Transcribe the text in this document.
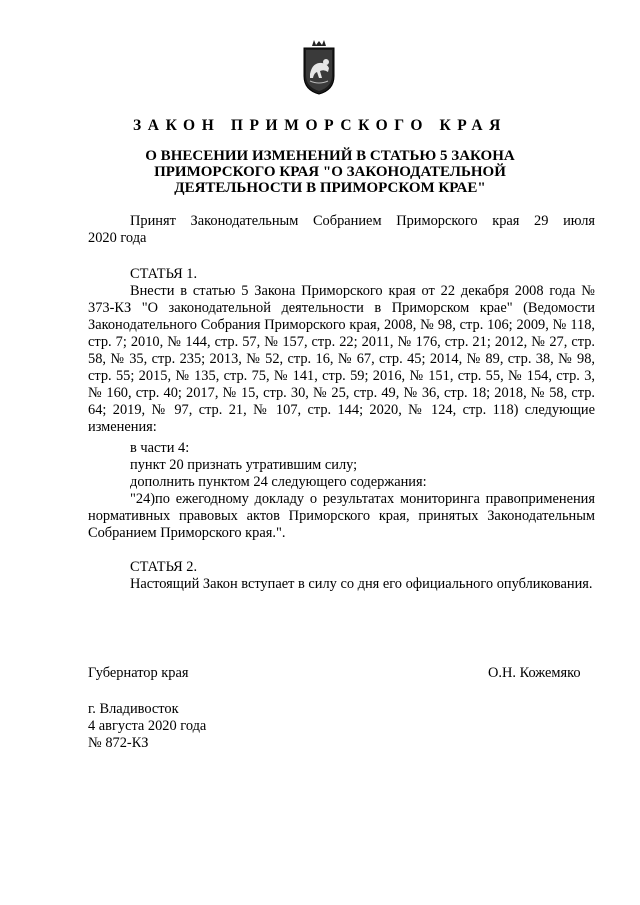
ЗАКОН ПРИМОРСКОГО КРАЯ
О ВНЕСЕНИИ ИЗМЕНЕНИЙ В СТАТЬЮ 5 ЗАКОНА ПРИМОРСКОГО КРАЯ "О ЗАКОНОДАТЕЛЬНОЙ ДЕЯТЕЛЬНОСТИ В ПРИМОРСКОМ КРАЕ"

Принят Законодательным Собранием Приморского края 29 июля

2020 года

СТАТЬЯ 1.

Внести в статью 5 Закона Приморского края от 22 декабря 2008 года № 373-КЗ "О законодательной деятельности в Приморском крае" (Ведомости Законодательного Собрания Приморского края, 2008, № 98, стр. 106; 2009, № 118, стр. 7; 2010, № 144, стр. 57, № 157, стр. 22; 2011, № 176, стр. 21; 2012, № 27, стр. 58, № 35, стр. 235; 2013, № 52, стр. 16, № 67, стр. 45; 2014, № 89, стр. 38, № 98, стр. 55; 2015, № 135, стр. 75, № 141, стр. 59; 2016, № 151, стр. 55, № 154, стр. 3, № 160, стр. 40; 2017, № 15, стр. 30, № 25, стр. 49, № 36, стр. 18; 2018, № 58, стр. 64; 2019, № 97, стр. 21, № 107, стр. 144; 2020, № 124, стр. 118) следующие изменения:

в части 4:

пункт 20 признать утратившим силу;

дополнить пунктом 24 следующего содержания:

"24)по ежегодному докладу о результатах мониторинга правоприменения нормативных правовых актов Приморского края, принятых Законодательным Собранием Приморского края.".

СТАТЬЯ 2.

Настоящий Закон вступает в силу со дня его официального опубликования.

Губернатор края	О.Н. Кожемяко

г. Владивосток

4 августа 2020 года

№ 872-КЗ
